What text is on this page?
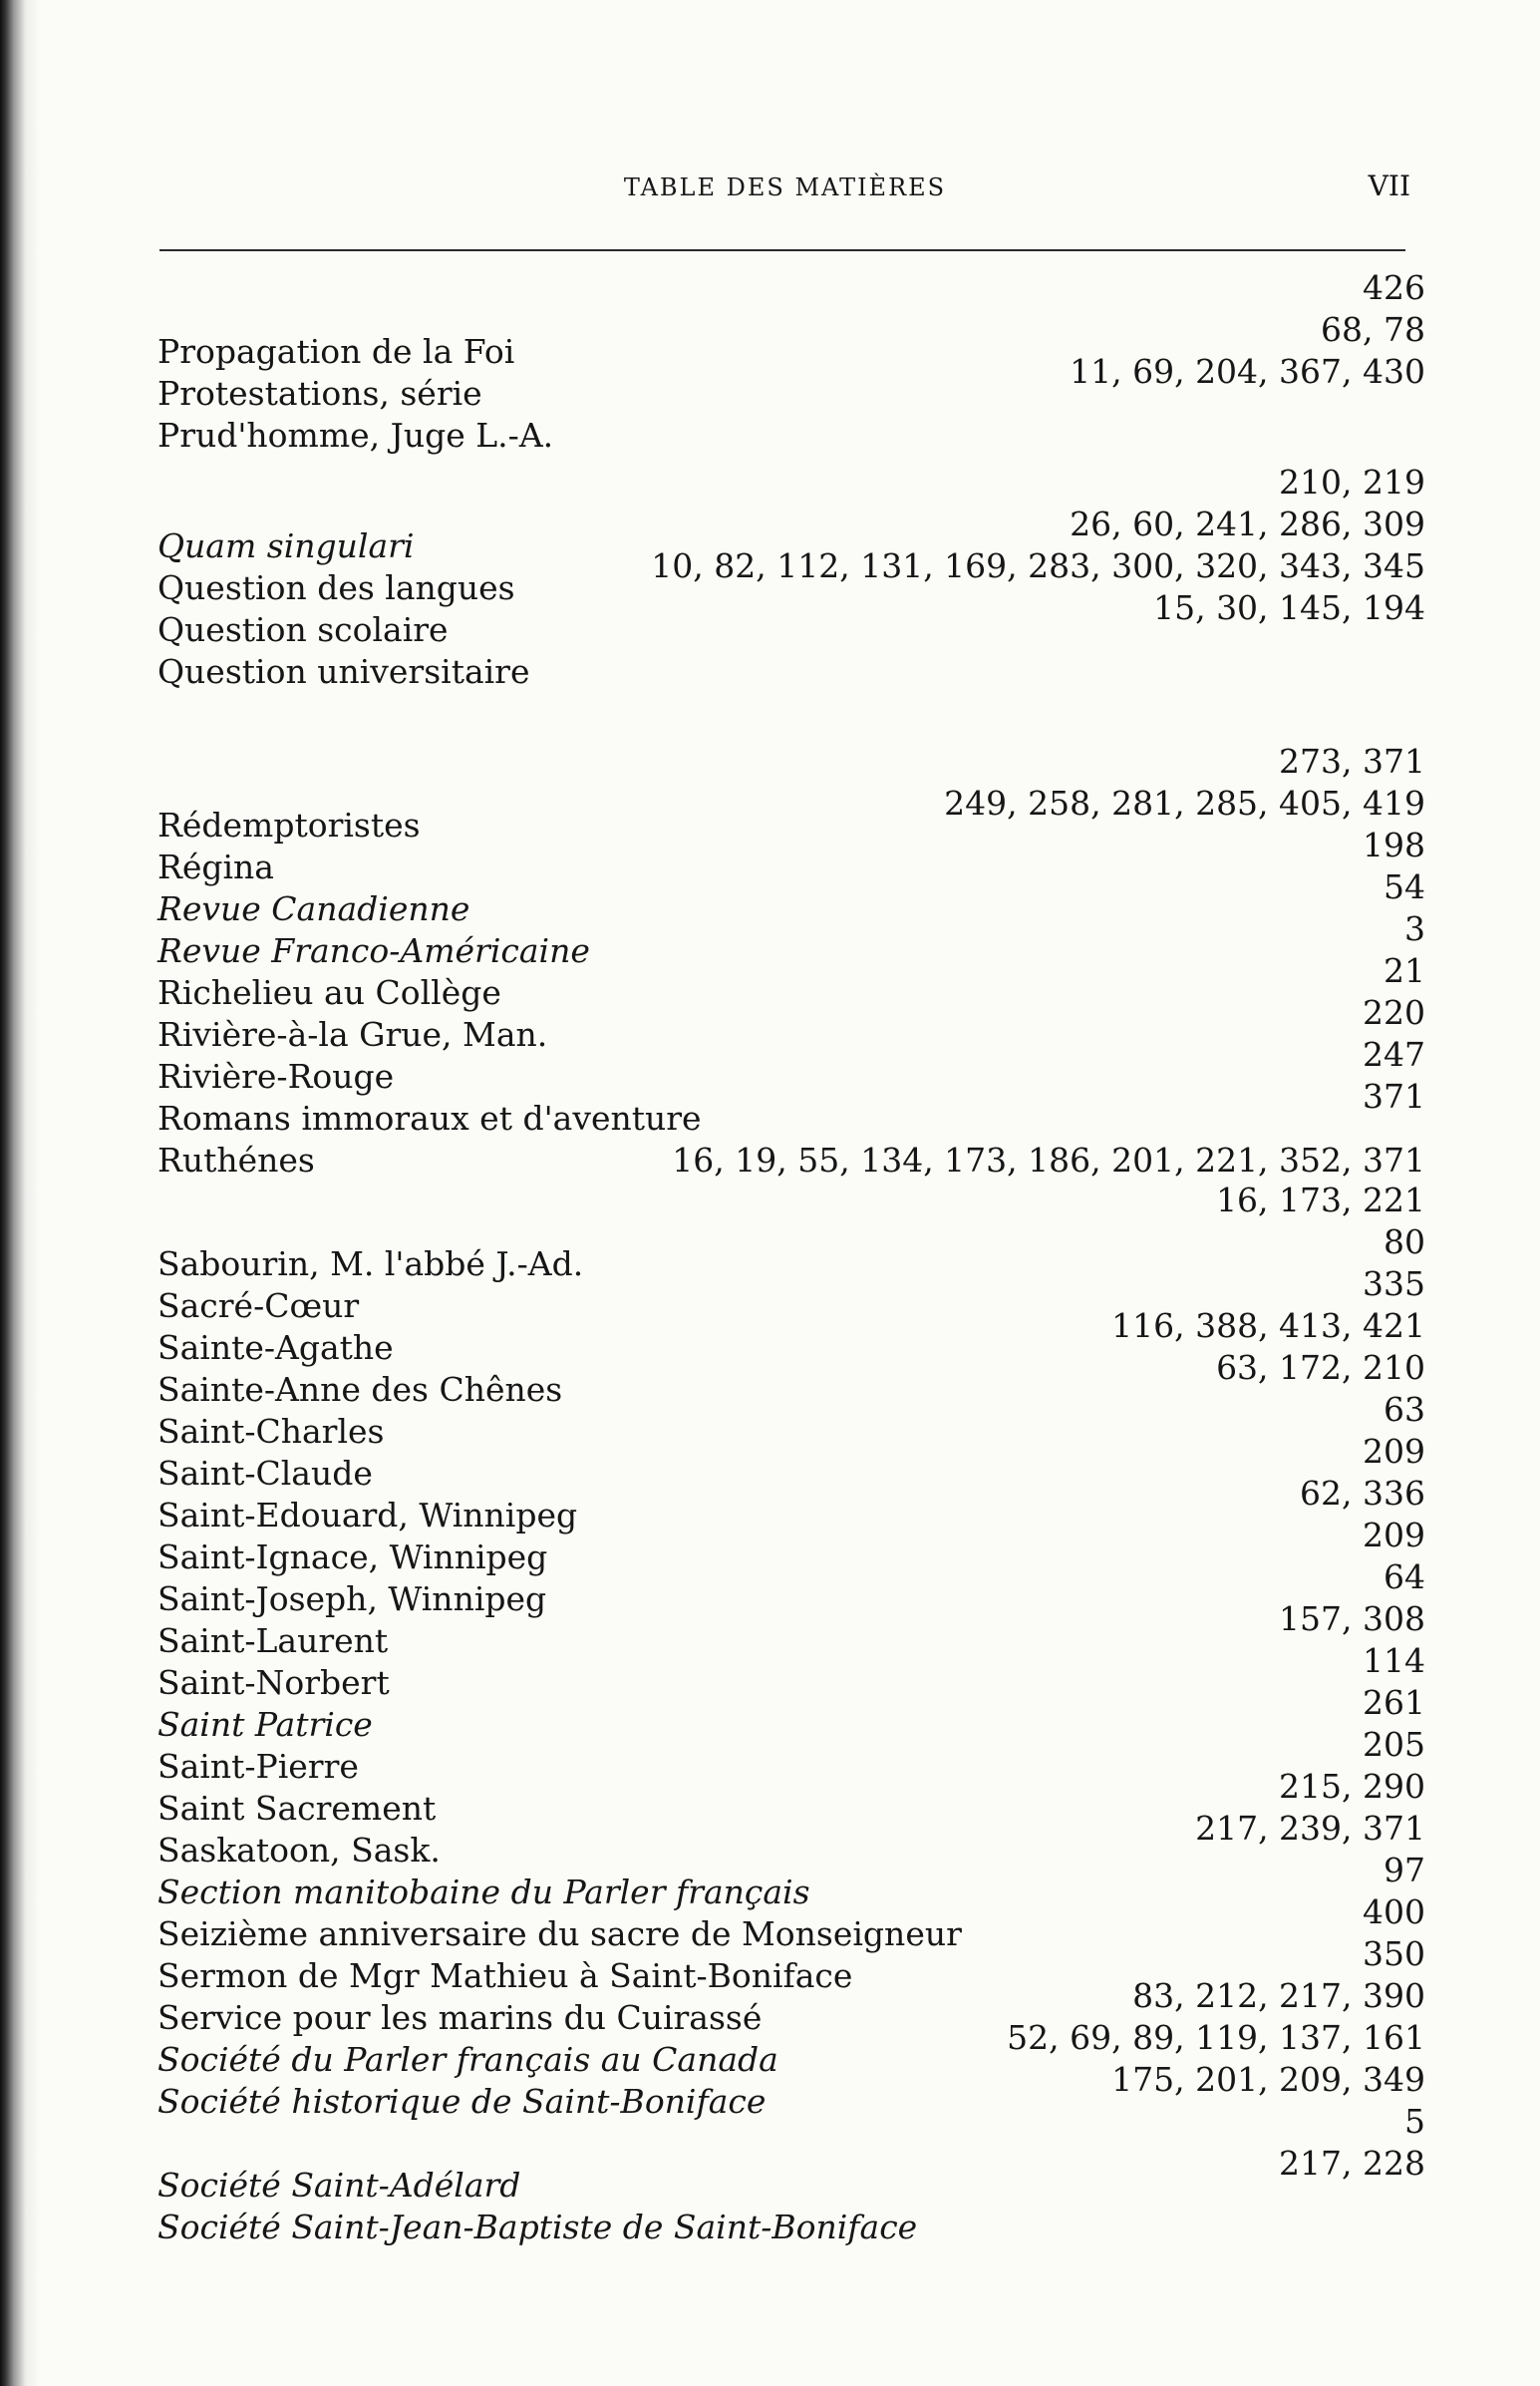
TABLE DES MATIÈRES	VII
426
Propagation de la Foi
68, 78
Protestations, série
11, 69, 204, 367, 430
Prud'homme, Juge L.-A.
210, 219
Quam singulari
26, 60, 241, 286, 309
Question des langues
10, 82, 112, 131, 169, 283, 300, 320, 343, 345
Question scolaire
15, 30, 145, 194
Question universitaire
273, 371
Rédemptoristes
249, 258, 281, 285, 405, 419
Régina
198
Revue Canadienne
54
Revue Franco-Américaine
3
Richelieu au Collège
21
Rivière-à-la Grue, Man.
220
Rivière-Rouge
247
Romans immoraux et d'aventure
371
Ruthénes	16, 19, 55, 134, 173, 186, 201, 221, 352, 371
16, 173, 221
Sabourin, M. l'abbé J.-Ad.
80
Sacré-Cœur
335
Sainte-Agathe
116, 388, 413, 421
Sainte-Anne des Chênes
63, 172, 210
Saint-Charles
63
Saint-Claude
209
Saint-Edouard, Winnipeg
62, 336
Saint-Ignace, Winnipeg
209
Saint-Joseph, Winnipeg
64
Saint-Laurent
157, 308
Saint-Norbert
114
Saint Patrice
261
Saint-Pierre
205
Saint Sacrement
215, 290
Saskatoon, Sask.
217, 239, 371
Section manitobaine du Parler français
97
Seizième anniversaire du sacre de Monseigneur
400
Sermon de Mgr Mathieu à Saint-Boniface
350
Service pour les marins du Cuirassé
83, 212, 217, 390
Société du Parler français au Canada
52, 69, 89, 119, 137, 161
Société historique de Saint-Boniface
175, 201, 209, 349
5
Société Saint-Adélard
217, 228
Société Saint-Jean-Baptiste de Saint-Boniface
